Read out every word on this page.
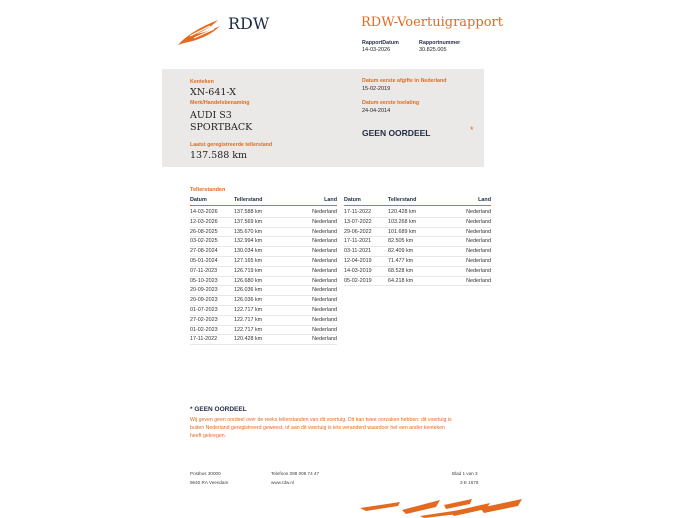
RDW	RDW-Voertuigrapport
RapportDatum
14-03-2026
Rapportnummer
30.825.005
Kenteken
XN-641-X
Merk/Handelsbenaming
AUDI S3
SPORTBACK
Laatst geregistreerde tellerstand
137.588 km
Datum eerste afgifte in Nederland
15-02-2019
Datum eerste toelating
24-04-2014
GEEN OORDEEL	*
Tellerstanden
Datum	Tellerstand	Land
14-03-2026	137.588 km	Nederland
12-03-2026	137.569 km	Nederland
26-08-2025	135.670 km	Nederland
03-02-2025	132.994 km	Nederland
27-08-2024	130.034 km	Nederland
05-01-2024	127.165 km	Nederland
07-11-2023	126.719 km	Nederland
05-10-2023	126.680 km	Nederland
20-09-2023	126.036 km	Nederland
20-09-2023	126.036 km	Nederland
01-07-2023	122.717 km	Nederland
27-02-2023	122.717 km	Nederland
01-02-2023	122.717 km	Nederland
17-11-2022	120.428 km	Nederland
Datum	Tellerstand	Land
17-11-2022	120.428 km	Nederland
13-07-2022	103.268 km	Nederland
29-06-2022	101.689 km	Nederland
17-11-2021	82.505 km	Nederland
03-11-2021	82.409 km	Nederland
12-04-2019	71.477 km	Nederland
14-03-2019	68.528 km	Nederland
05-02-2019	64.218 km	Nederland
* GEEN OORDEEL
Wij geven geen oordeel over de reeks tellerstanden van dit voertuig. Dit kan twee oorzaken hebben: dit voertuig is
buiten Nederland geregistreerd geweest, of aan dit voertuig is iets veranderd waardoor het een ander kenteken
heeft gekregen.
Postbus 30000
9640 RA Veendam
Telefoon 088 008 74 47
www.rdw.nl
Blad 1 van 3
3 E 1678
